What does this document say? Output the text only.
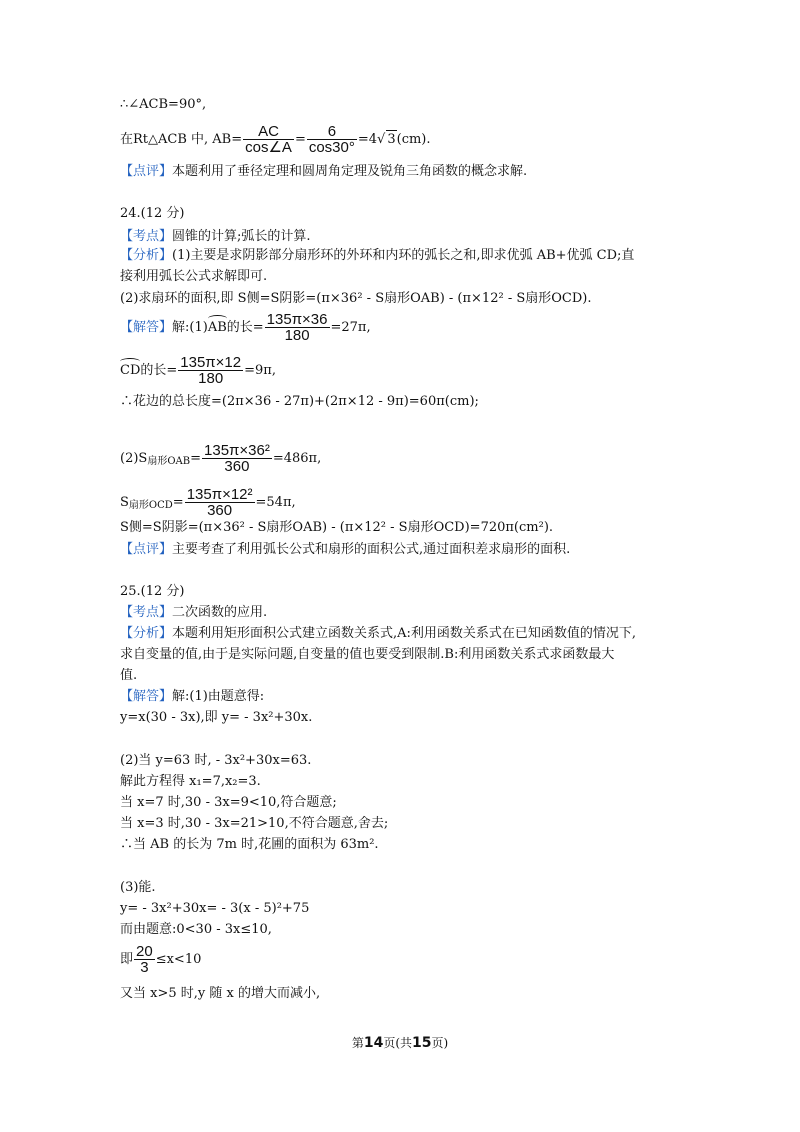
∴∠ACB=90°,
在Rt△ACB 中, $AB= \frac{AC}{\cos\angle A} = \frac{6}{\cos 30^\circ} =4√$ 3(cm).
【点评】本题利用了垂径定理和圆周角定理及锐角三角函数的概念求解.
24.(12 分)
【考点】圆锥的计算;弧长的计算.
【分析】(1)主要是求阴影部分扇形环的外环和内环的弧长之和,即求优弧 AB+优弧 CD;直
接利用弧长公式求解即可.
(2)求扇环的面积,即 S侧=S阴影=(π×36² - S扇形OAB) - (π×12² - S扇形OCD).
【解答】解:(1)AB的长= $\frac{135\pi\times 36}{180} =27\pi$,
CD的长= $\frac{135\pi\times 12}{180} =9\pi$,
∴花边的总长度=(2π×36 - 27π)+(2π×12 - 9π)=60π(cm);
$(2)S_{扇形OAB}= \frac{\text{135π×36²}}{360} =486\pi$,
$S_{扇形OCD}= \frac{\text{135π×12²}}{360} =54\pi$,
S侧=S阴影=(π×36² - S扇形OAB) - (π×12² - S扇形OCD)=720π(cm²).
【点评】主要考查了利用弧长公式和扇形的面积公式,通过面积差求扇形的面积.
25.(12 分)
【考点】二次函数的应用.
【分析】本题利用矩形面积公式建立函数关系式,A:利用函数关系式在已知函数值的情况下,
求自变量的值,由于是实际问题,自变量的值也要受到限制.B:利用函数关系式求函数最大
值.
【解答】解:(1)由题意得:
y=x(30 - 3x),即 y= - 3x²+30x.
(2)当 y=63 时, - 3x²+30x=63.
解此方程得 x₁=7,x₂=3.
当 x=7 时,30 - 3x=9<10,符合题意;
当 x=3 时,30 - 3x=21>10,不符合题意,舍去;
∴当 AB 的长为 7m 时,花圃的面积为 63m².
(3)能.
y= - 3x²+30x= - 3(x - 5)²+75
而由题意:0<30 - 3x≤10,
即 $\frac{20}{3} \le x<10$
又当 x>5 时,y 随 x 的增大而减小,
第14页(共15页)
